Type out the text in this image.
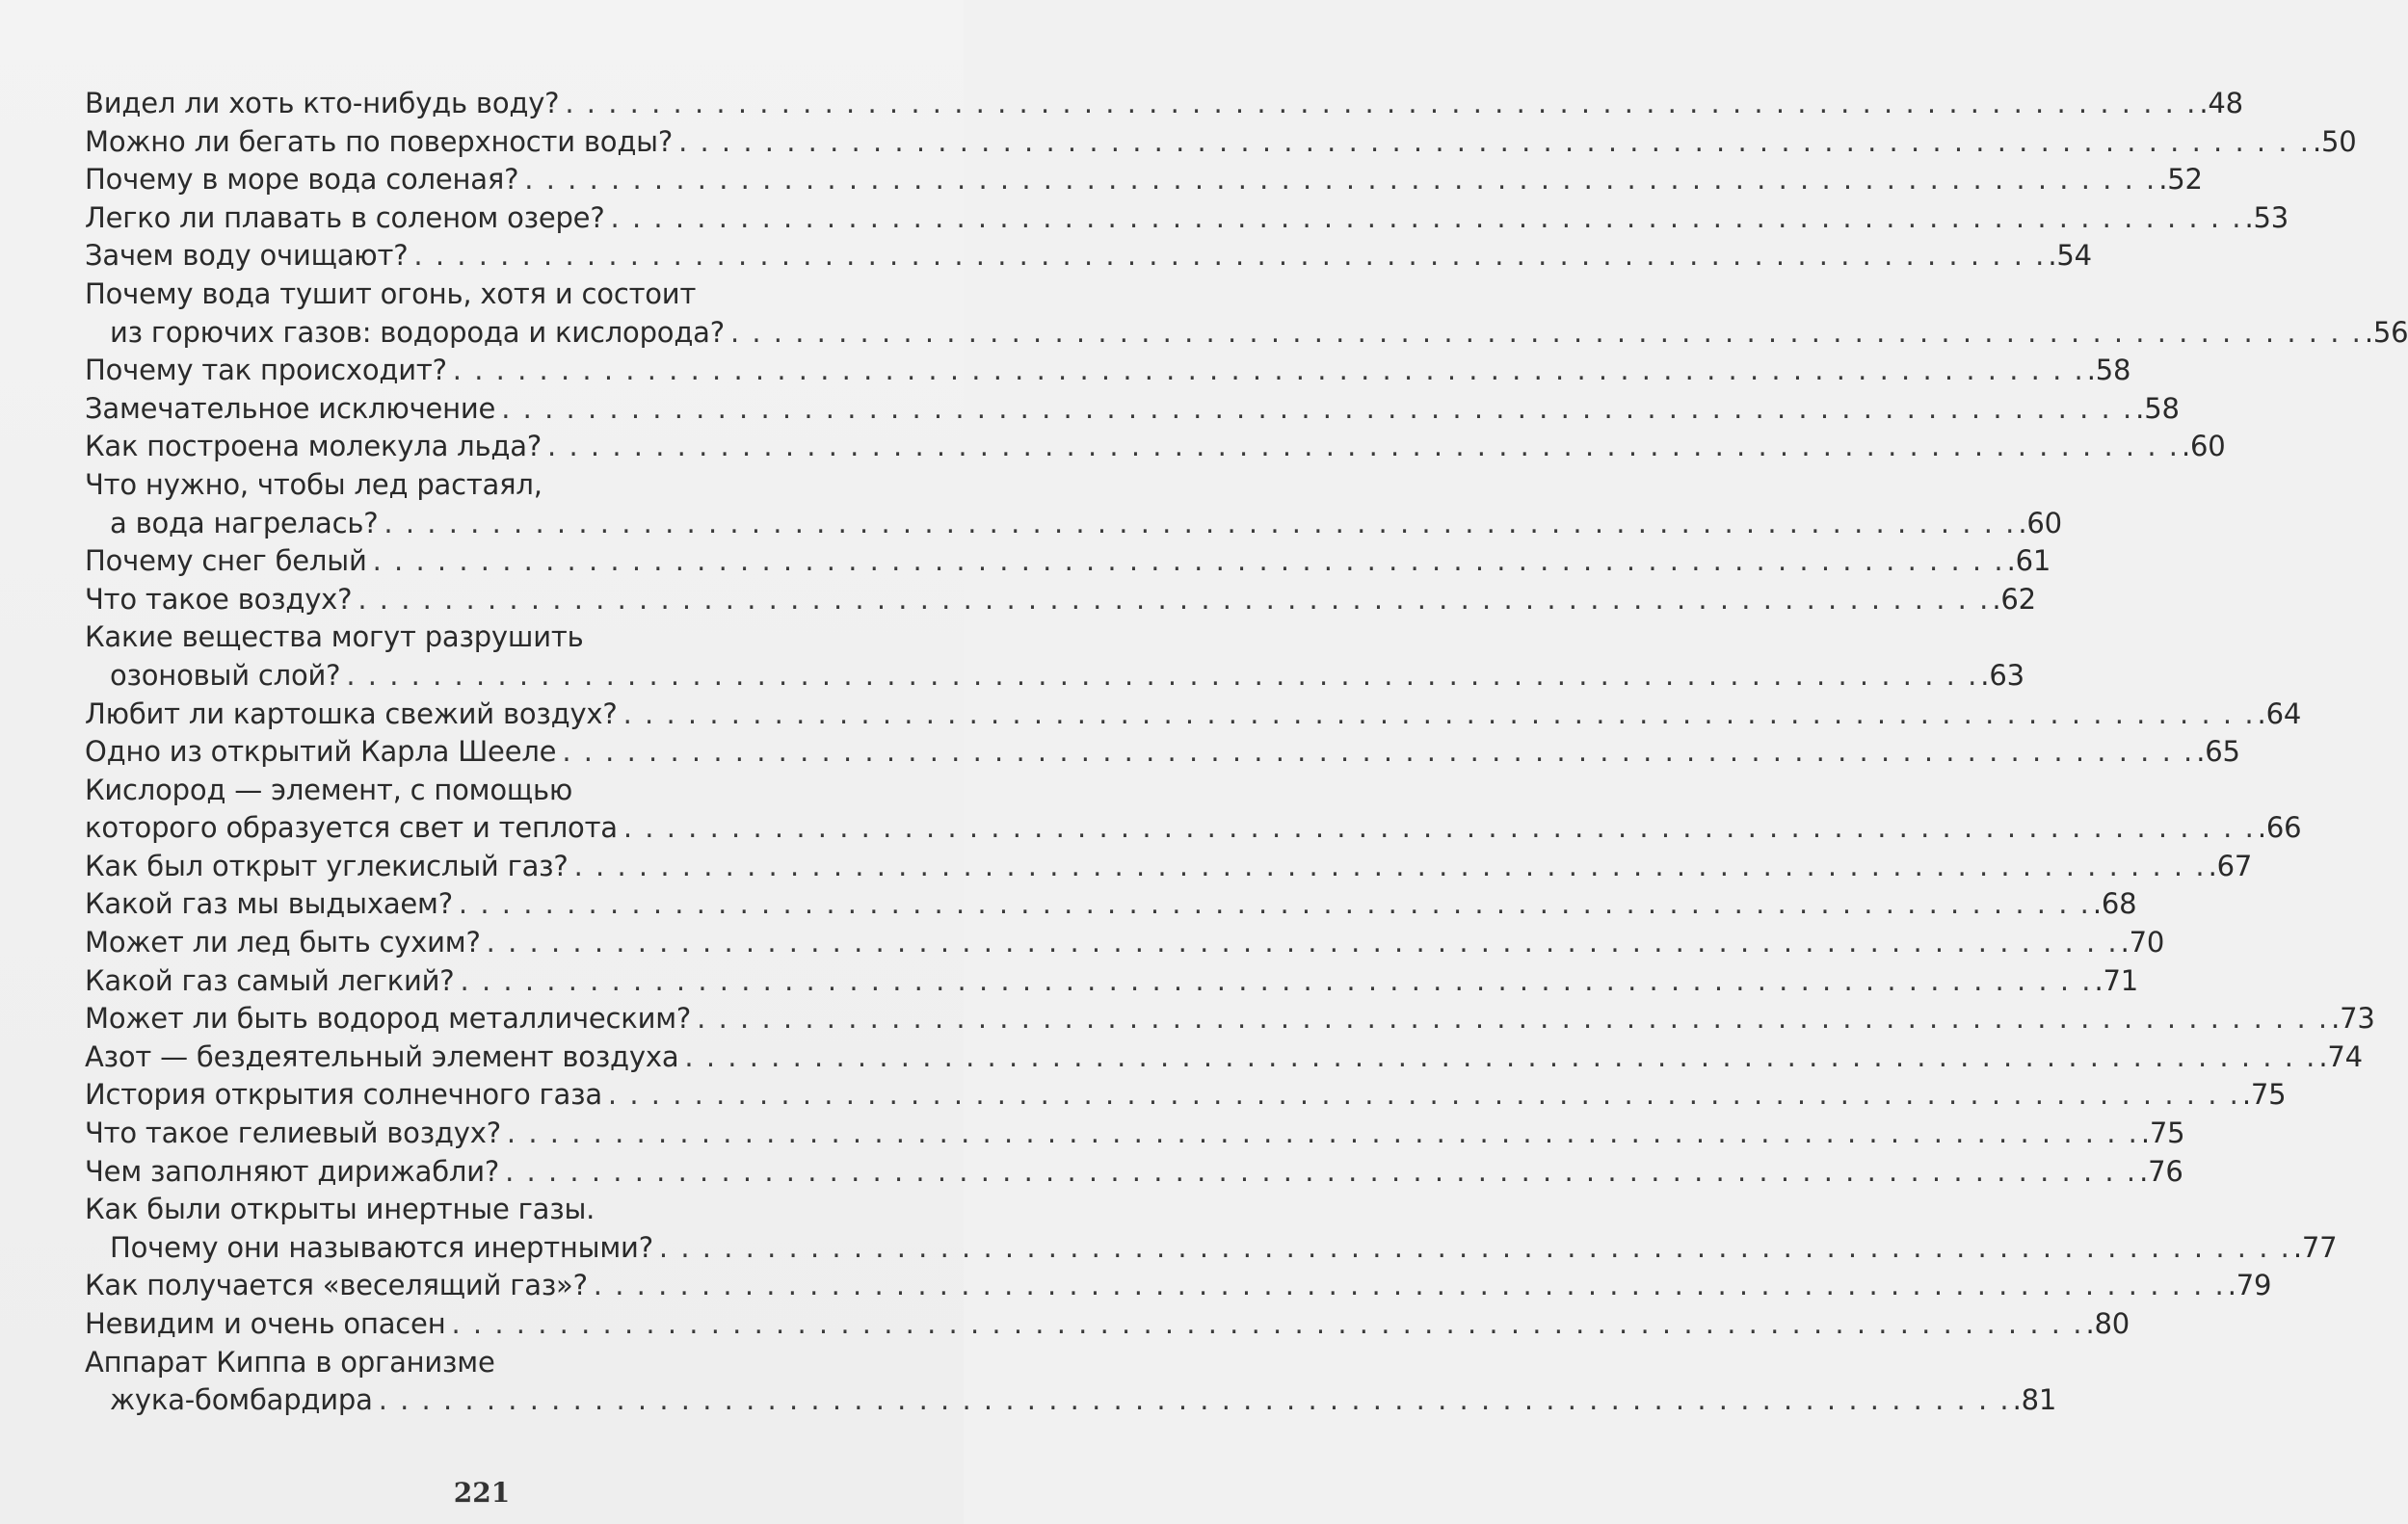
Видел ли хоть кто-нибудь воду? . . .	.48
Можно ли бегать по поверхности воды? . . .	.50
Почему в море вода соленая? . . .	.52
Легко ли плавать в соленом озере? . . .	.53
Зачем воду очищают? . . .	.54
Почему вода тушит огонь, хотя и состоит
из горючих газов: водорода и кислорода? . . .	.56
Почему так происходит? . . .	.58
Замечательное исключение . . .	.58
Как построена молекула льда? . . .	.60
Что нужно, чтобы лед растаял,
а вода нагрелась? . . .	.60
Почему снег белый . . .	.61
Что такое воздух? . . .	.62
Какие вещества могут разрушить
озоновый слой? . . .	.63
Любит ли картошка свежий воздух? . . .	.64
Одно из открытий Карла Шееле . . .	.65
Кислород — элемент, с помощью
которого образуется свет и теплота . . .	.66
Как был открыт углекислый газ? . . .	.67
Какой газ мы выдыхаем? . . .	.68
Может ли лед быть сухим? . . .	.70
Какой газ самый легкий? . . .	.71
Может ли быть водород металлическим? . . .	.73
Азот — бездеятельный элемент воздуха . . .	.74
История открытия солнечного газа . . .	.75
Что такое гелиевый воздух? . . .	.75
Чем заполняют дирижабли? . . .	.76
Как были открыты инертные газы.
Почему они называются инертными? . . .	.77
Как получается «веселящий газ»? . . .	.79
Невидим и очень опасен . . .	.80
Аппарат Киппа в организме
жука-бомбардира . . .	.81
221
